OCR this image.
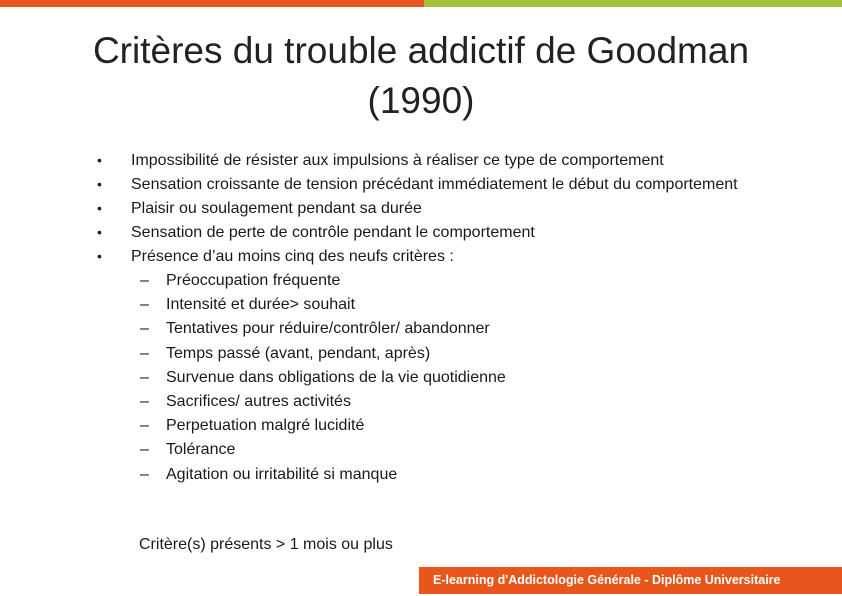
Critères du trouble addictif de Goodman (1990)
• Impossibilité de résister aux impulsions à réaliser ce type de comportement
• Sensation croissante de tension précédant immédiatement le début du comportement
• Plaisir ou soulagement pendant sa durée
• Sensation de perte de contrôle pendant le comportement
• Présence d’au moins cinq des neufs critères :
– Préoccupation fréquente
– Intensité et durée> souhait
– Tentatives pour réduire/contrôler/ abandonner
– Temps passé (avant, pendant, après)
– Survenue dans obligations de la vie quotidienne
– Sacrifices/ autres activités
– Perpetuation malgré lucidité
– Tolérance
– Agitation ou irritabilité si manque
Critère(s) présents > 1 mois ou plus
E-learning d'Addictologie Générale - Diplôme Universitaire
